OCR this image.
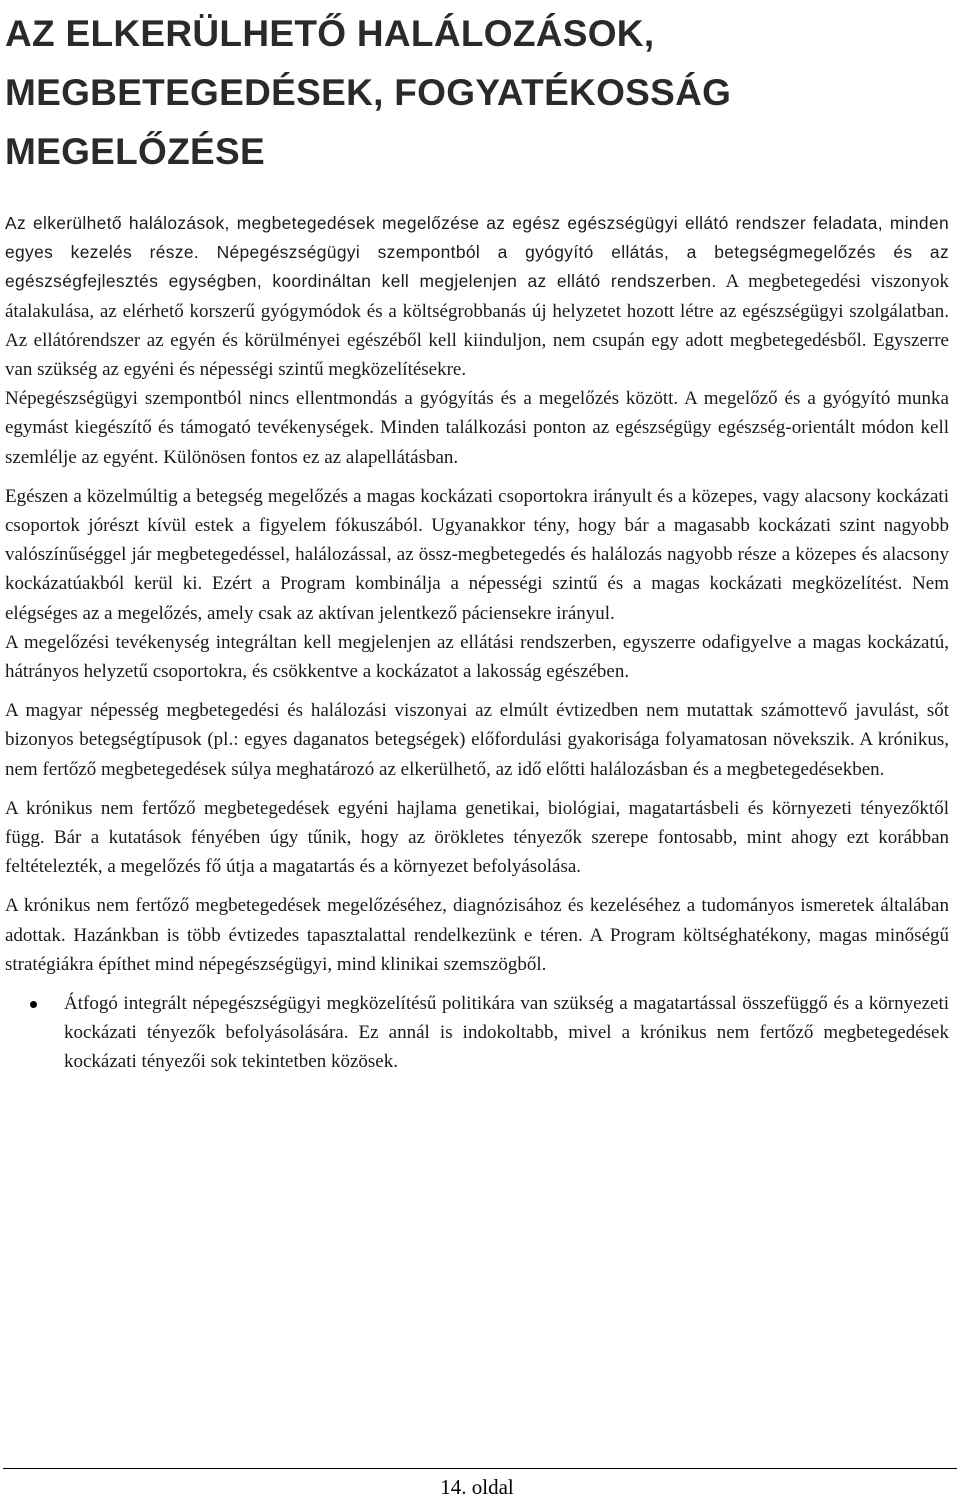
AZ ELKERÜLHETŐ HALÁLOZÁSOK,
MEGBETEGEDÉSEK, FOGYATÉKOSSÁG
MEGELŐZÉSE

Az elkerülhető halálozások, megbetegedések megelőzése az egész egészségügyi ellátó rendszer feladata, minden egyes kezelés része. Népegészségügyi szempontból a gyógyító ellátás, a betegségmegelőzés és az egészségfejlesztés egységben, koordináltan kell megjelenjen az ellátó rendszerben. A megbetegedési viszonyok átalakulása, az elérhető korszerű gyógymódok és a költségrobbanás új helyzetet hozott létre az egészségügyi szolgálatban. Az ellátórendszer az egyén és körülményei egészéből kell kiinduljon, nem csupán egy adott megbetegedésből. Egyszerre van szükség az egyéni és népességi szintű megközelítésekre.

Népegészségügyi szempontból nincs ellentmondás a gyógyítás és a megelőzés között. A megelőző és a gyógyító munka egymást kiegészítő és támogató tevékenységek. Minden találkozási ponton az egészségügy egészség-orientált módon kell szemlélje az egyént. Különösen fontos ez az alapellátásban.

Egészen a közelmúltig a betegség megelőzés a magas kockázati csoportokra irányult és a közepes, vagy alacsony kockázati csoportok jórészt kívül estek a figyelem fókuszából. Ugyanakkor tény, hogy bár a magasabb kockázati szint nagyobb valószínűséggel jár megbetegedéssel, halálozással, az össz-megbetegedés és halálozás nagyobb része a közepes és alacsony kockázatúakból kerül ki. Ezért a Program kombinálja a népességi szintű és a magas kockázati megközelítést. Nem elégséges az a megelőzés, amely csak az aktívan jelentkező páciensekre irányul.

A megelőzési tevékenység integráltan kell megjelenjen az ellátási rendszerben, egyszerre odafigyelve a magas kockázatú, hátrányos helyzetű csoportokra, és csökkentve a kockázatot a lakosság egészében.

A magyar népesség megbetegedési és halálozási viszonyai az elmúlt évtizedben nem mutattak számottevő javulást, sőt bizonyos betegségtípusok (pl.: egyes daganatos betegségek) előfordulási gyakorisága folyamatosan növekszik. A krónikus, nem fertőző megbetegedések súlya meghatározó az elkerülhető, az idő előtti halálozásban és a megbetegedésekben.

A krónikus nem fertőző megbetegedések egyéni hajlama genetikai, biológiai, magatartásbeli és környezeti tényezőktől függ. Bár a kutatások fényében úgy tűnik, hogy az örökletes tényezők szerepe fontosabb, mint ahogy ezt korábban feltételezték, a megelőzés fő útja a magatartás és a környezet befolyásolása.

A krónikus nem fertőző megbetegedések megelőzéséhez, diagnózisához és kezeléséhez a tudományos ismeretek általában adottak. Hazánkban is több évtizedes tapasztalattal rendelkezünk e téren. A Program költséghatékony, magas minőségű stratégiákra építhet mind népegészségügyi, mind klinikai szemszögből.

Átfogó integrált népegészségügyi megközelítésű politikára van szükség a magatartással összefüggő és a környezeti kockázati tényezők befolyásolására. Ez annál is indokoltabb, mivel a krónikus nem fertőző megbetegedések kockázati tényezői sok tekintetben közösek.
14. oldal
